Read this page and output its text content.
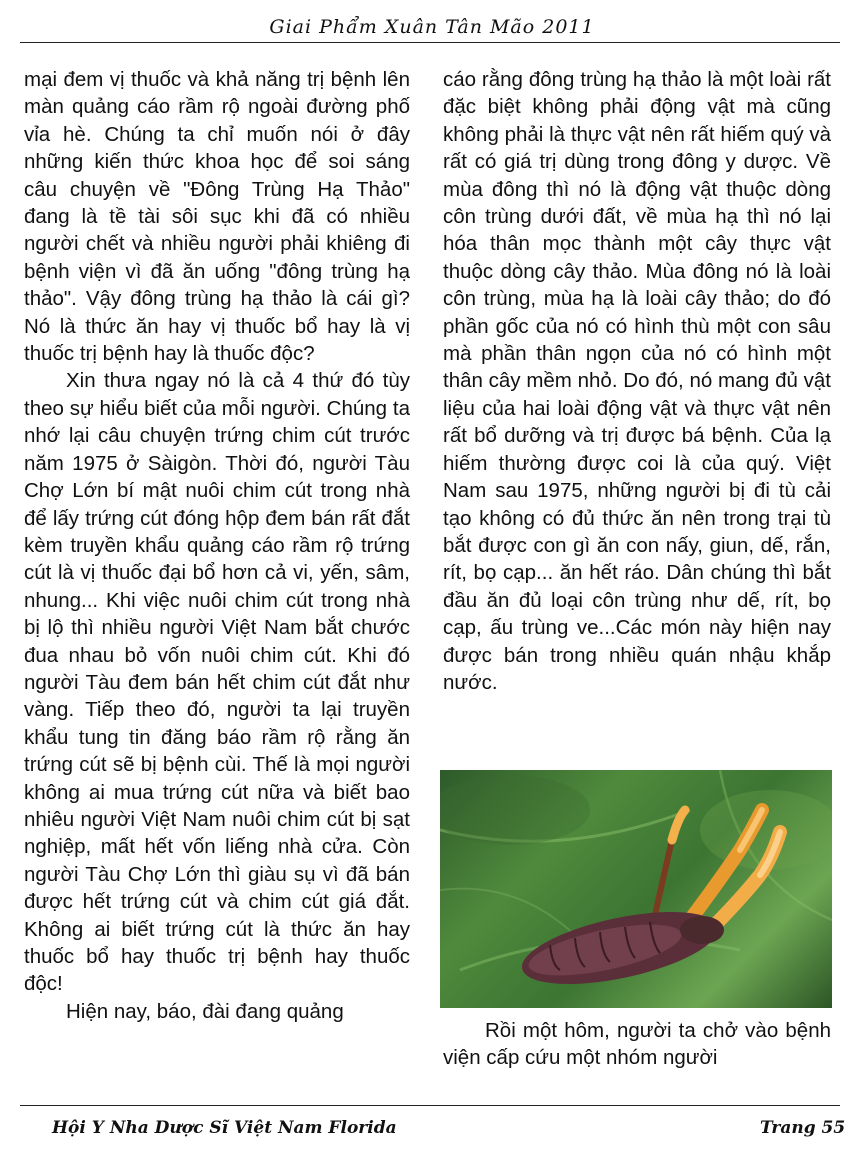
Giai Phẩm Xuân Tân Mão 2011

mại đem vị thuốc và khả năng trị bệnh lên màn quảng cáo rầm rộ ngoài đường phố vỉa hè. Chúng ta chỉ muốn nói ở đây những kiến thức khoa học để soi sáng câu chuyện về "Đông Trùng Hạ Thảo" đang là tề tài sôi sục khi đã có nhiều người chết và nhiều người phải khiêng đi bệnh viện vì đã ăn uống "đông trùng hạ thảo". Vậy đông trùng hạ thảo là cái gì? Nó là thức ăn hay vị thuốc bổ hay là vị thuốc trị bệnh hay là thuốc độc?

Xin thưa ngay nó là cả 4 thứ đó tùy theo sự hiểu biết của mỗi người. Chúng ta nhớ lại câu chuyện trứng chim cút trước năm 1975 ở Sàigòn. Thời đó, người Tàu Chợ Lớn bí mật nuôi chim cút trong nhà để lấy trứng cút đóng hộp đem bán rất đắt kèm truyền khẩu quảng cáo rầm rộ trứng cút là vị thuốc đại bổ hơn cả vi, yến, sâm, nhung... Khi việc nuôi chim cút trong nhà bị lộ thì nhiều người Việt Nam bắt chước đua nhau bỏ vốn nuôi chim cút. Khi đó người Tàu đem bán hết chim cút đắt như vàng. Tiếp theo đó, người ta lại truyền khẩu tung tin đăng báo rầm rộ rằng ăn trứng cút sẽ bị bệnh cùi. Thế là mọi người không ai mua trứng cút nữa và biết bao nhiêu người Việt Nam nuôi chim cút bị sạt nghiệp, mất hết vốn liếng nhà cửa. Còn người Tàu Chợ Lớn thì giàu sụ vì đã bán được hết trứng cút và chim cút giá đắt. Không ai biết trứng cút là thức ăn hay thuốc bổ hay thuốc trị bệnh hay thuốc độc!

Hiện nay, báo, đài đang quảng

cáo rằng đông trùng hạ thảo là một loài rất đặc biệt không phải động vật mà cũng không phải là thực vật nên rất hiếm quý và rất có giá trị dùng trong đông y dược. Về mùa đông thì nó là động vật thuộc dòng côn trùng dưới đất, về mùa hạ thì nó lại hóa thân mọc thành một cây thực vật thuộc dòng cây thảo. Mùa đông nó là loài côn trùng, mùa hạ là loài cây thảo; do đó phần gốc của nó có hình thù một con sâu mà phần thân ngọn của nó có hình một thân cây mềm nhỏ. Do đó, nó mang đủ vật liệu của hai loài động vật và thực vật nên rất bổ dưỡng và trị được bá bệnh. Của lạ hiếm thường được coi là của quý. Việt Nam sau 1975, những người bị đi tù cải tạo không có đủ thức ăn nên trong trại tù bắt được con gì ăn con nấy, giun, dế, rắn, rít, bọ cạp... ăn hết ráo. Dân chúng thì bắt đầu ăn đủ loại côn trùng như dế, rít, bọ cạp, ấu trùng ve...Các món này hiện nay được bán trong nhiều quán nhậu khắp nước.

Rồi một hôm, người ta chở vào bệnh viện cấp cứu một nhóm người

Hội Y Nha Dược Sĩ Việt Nam Florida	Trang 55
